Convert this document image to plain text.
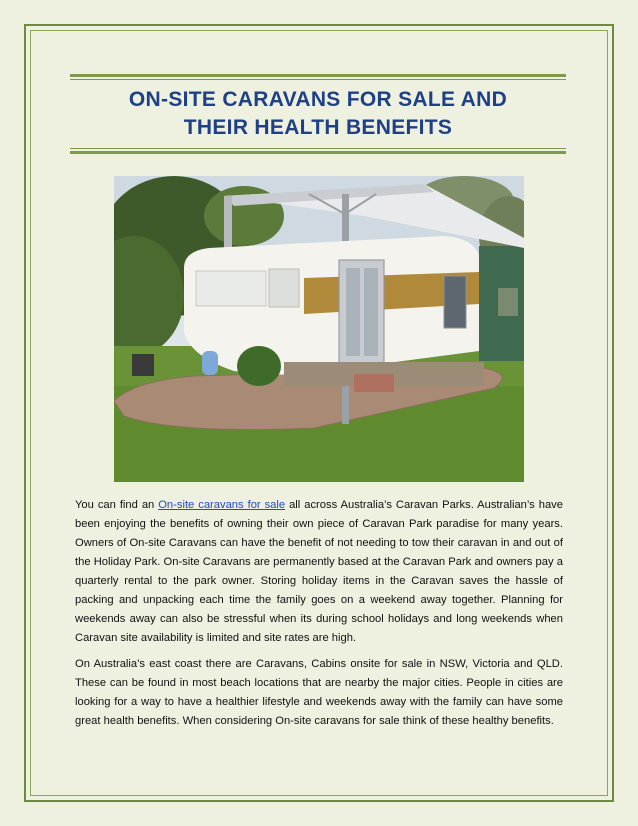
ON-SITE CARAVANS FOR SALE AND
THEIR HEALTH BENEFITS

You can find an On-site caravans for sale all across Australia’s Caravan Parks. Australian’s have been enjoying the benefits of owning their own piece of Caravan Park paradise for many years. Owners of On-site Caravans can have the benefit of not needing to tow their caravan in and out of the Holiday Park. On-site Caravans are permanently based at the Caravan Park and owners pay a quarterly rental to the park owner. Storing holiday items in the Caravan saves the hassle of packing and unpacking each time the family goes on a weekend away together. Planning for weekends away can also be stressful when its during school holidays and long weekends when Caravan site availability is limited and site rates are high.

On Australia’s east coast there are Caravans, Cabins onsite for sale in NSW, Victoria and QLD. These can be found in most beach locations that are nearby the major cities. People in cities are looking for a way to have a healthier lifestyle and weekends away with the family can have some great health benefits. When considering On-site caravans for sale think of these healthy benefits.
